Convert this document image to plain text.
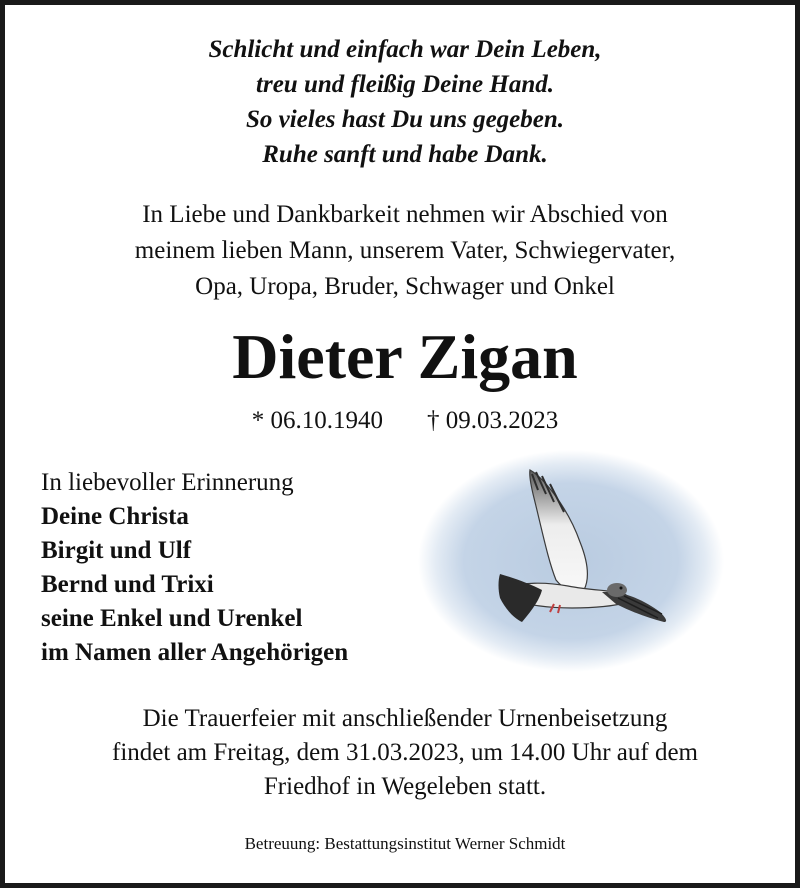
Schlicht und einfach war Dein Leben,
treu und fleißig Deine Hand.
So vieles hast Du uns gegeben.
Ruhe sanft und habe Dank.
In Liebe und Dankbarkeit nehmen wir Abschied von
meinem lieben Mann, unserem Vater, Schwiegervater,
Opa, Uropa, Bruder, Schwager und Onkel
Dieter Zigan
* 06.10.1940 † 09.03.2023
In liebevoller Erinnerung
Deine Christa
Birgit und Ulf
Bernd und Trixi
seine Enkel und Urenkel
im Namen aller Angehörigen
Die Trauerfeier mit anschließender Urnenbeisetzung
findet am Freitag, dem 31.03.2023, um 14.00 Uhr auf dem
Friedhof in Wegeleben statt.
Betreuung: Bestattungsinstitut Werner Schmidt
